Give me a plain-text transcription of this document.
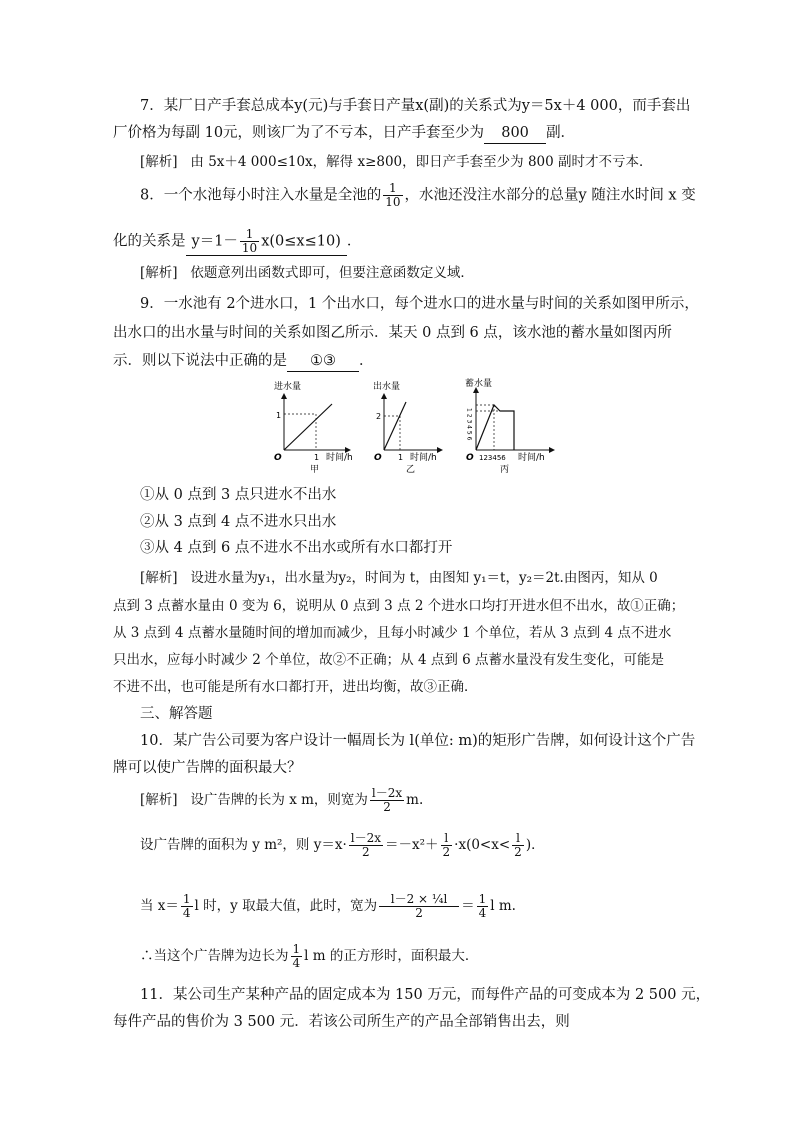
7．某厂日产手套总成本y(元)与手套日产量x(副)的关系式为y＝5x＋4 000，而手套出
厂价格为每副 10元，则该厂为了不亏本，日产手套至少为 800 副．
[解析] 由 5x＋4 000≤10x，解得 x≥800，即日产手套至少为 800 副时才不亏本．
8．一个水池每小时注入水量是全池的 $\frac{1}{10}$ ，水池还没注水部分的总量y 随注水时间 x 变
化的关系是 $y=1- \frac{1}{10} x(0\le x\le 10)$ ．
[解析] 依题意列出函数式即可，但要注意函数定义域．
9．一水池有 2个进水口，1 个出水口，每个进水口的进水量与时间的关系如图甲所示，
出水口的出水量与时间的关系如图乙所示．某天 0 点到 6 点，该水池的蓄水量如图丙所
示．则以下说法中正确的是 ①③ ．
进水量
1
O	1 时间/h
甲
出水量
2
O 1 时间/h
乙
蓄水量
1 2 3 4 5 6
O 123456 时间/h
丙
①从 0 点到 3 点只进水不出水
②从 3 点到 4 点不进水只出水
③从 4 点到 6 点不进水不出水或所有水口都打开
[解析] 设进水量为y₁，出水量为y₂，时间为 t，由图知 y₁＝t，y₂＝2t.由图丙，知从 0
点到 3 点蓄水量由 0 变为 6，说明从 0 点到 3 点 2 个进水口均打开进水但不出水，故①正确；
从 3 点到 4 点蓄水量随时间的增加而减少，且每小时减少 1 个单位，若从 3 点到 4 点不进水
只出水，应每小时减少 2 个单位，故②不正确；从 4 点到 6 点蓄水量没有发生变化，可能是
不进不出，也可能是所有水口都打开，进出均衡，故③正确．
三、解答题
10．某广告公司要为客户设计一幅周长为 l(单位: m)的矩形广告牌，如何设计这个广告
牌可以使广告牌的面积最大？
[解析] 设广告牌的长为 x m，则宽为 $\frac{l-2x}{2} m$.
设广告牌的面积为 y m²，则 $y=x\cdot \frac{l-2x}{2} =-x^2+ \frac{l}{2} \cdot x(0<x< \frac{l}{2}$ )．
当 $x= \frac{1}{4}$ l 时，y 取最大值，此时，宽为 $\frac{\text{l－2 × ¼l}}{2} = \frac{1}{4}$ l m.
∴当这个广告牌为边长为 $\frac{1}{4}$ l m 的正方形时，面积最大．
11．某公司生产某种产品的固定成本为 150 万元，而每件产品的可变成本为 2 500 元，
每件产品的售价为 3 500 元．若该公司所生产的产品全部销售出去，则
